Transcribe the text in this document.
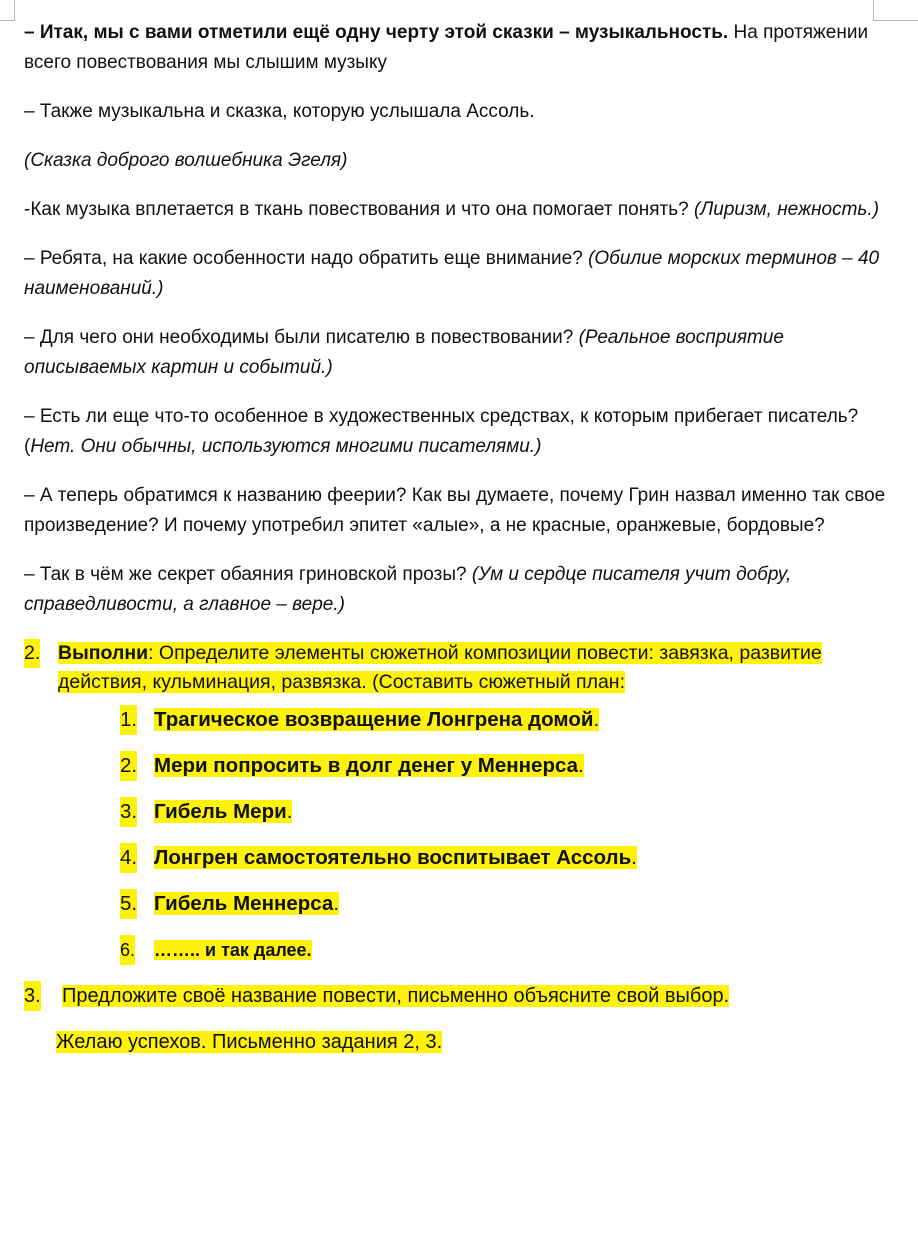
– Итак, мы с вами отметили ещё одну черту этой сказки – музыкальность. На протяжении всего повествования мы слышим музыку

– Также музыкальна и сказка, которую услышала Ассоль.

(Сказка доброго волшебника Эгеля)

-Как музыка вплетается в ткань повествования и что она помогает понять? (Лиризм, нежность.)

– Ребята, на какие особенности надо обратить еще внимание? (Обилие морских терминов – 40 наименований.)

– Для чего они необходимы были писателю в повествовании? (Реальное восприятие описываемых картин и событий.)

– Есть ли еще что-то особенное в художественных средствах, к которым прибегает писатель? (Нет. Они обычны, используются многими писателями.)

– А теперь обратимся к названию феерии? Как вы думаете, почему Грин назвал именно так свое произведение? И почему употребил эпитет «алые», а не красные, оранжевые, бордовые?

– Так в чём же секрет обаяния гриновской прозы? (Ум и сердце писателя учит добру, справедливости, а главное – вере.)

2. Выполни: Определите элементы сюжетной композиции повести: завязка, развитие действия, кульминация, развязка. (Составить сюжетный план:
1. Трагическое возвращение Лонгрена домой.
2. Мери попросить в долг денег у Меннерса.
3. Гибель Мери.
4. Лонгрен самостоятельно воспитывает Ассоль.
5. Гибель Меннерса.
6. …….. и так далее.
3. Предложите своё название повести, письменно объясните свой выбор.

Желаю успехов. Письменно задания 2, 3.
